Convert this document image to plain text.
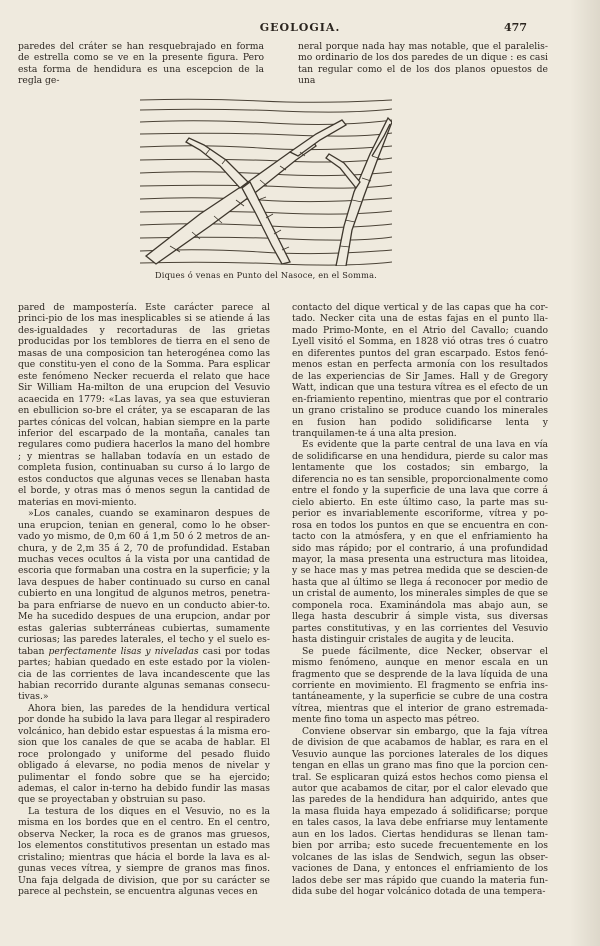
GEOLOGIA.	477

paredes del cráter se han resquebrajado en forma de estrella como se ve en la presente figura. Pero esta forma de hendidura es una escepcion de la regla ge-

neral porque nada hay mas notable, que el paralelis-mo ordinario de los dos paredes de un dique : es casi tan regular como el de los dos planos opuestos de una

Diques ó venas en Punto del Nasoce, en el Somma.

pared de mampostería. Este carácter parece al princi-pio de los mas inesplicables si se atiende á las des-igualdades y recortaduras de las grietas producidas por los temblores de tierra en el seno de masas de una composicion tan heterogénea como las que constitu-yen el cono de la Somma. Para esplicar este fenómeno Necker recuerda el relato que hace Sir William Ha-milton de una erupcion del Vesuvio acaecida en 1779: «Las lavas, ya sea que estuvieran en ebullicion so-bre el cráter, ya se escaparan de las partes cónicas del volcan, habian siempre en la parte inferior del escarpado de la montaña, canales tan regulares como pudiera hacerlos la mano del hombre ; y mientras se hallaban todavía en un estado de completa fusion, continuaban su curso á lo largo de estos conductos que algunas veces se llenaban hasta el borde, y otras mas ó menos segun la cantidad de materias en movi-miento.

»Los canales, cuando se examinaron despues de una erupcion, tenian en general, como lo he obser-vado yo mismo, de 0,m 60 á 1,m 50 ó 2 metros de an-chura, y de 2,m 35 á 2, 70 de profundidad. Estaban muchas veces ocultos á la vista por una cantidad de escoria que formaban una costra en la superficie; y la lava despues de haber continuado su curso en canal cubierto en una longitud de algunos metros, penetra-ba para enfriarse de nuevo en un conducto abier-to. Me ha sucedido despues de una erupcion, andar por estas galerias subterráneas cubiertas, sumamente curiosas; las paredes laterales, el techo y el suelo es-taban perfectamente lisas y niveladas casi por todas partes; habian quedado en este estado por la violen-cia de las corrientes de lava incandescente que las habian recorrido durante algunas semanas consecu-tivas.»

Ahora bien, las paredes de la hendidura vertical por donde ha subido la lava para llegar al respiradero volcánico, han debido estar espuestas á la misma ero-sion que los canales de que se acaba de hablar. El roce prolongado y uniforme del pesado fluido obligado á elevarse, no podia menos de nivelar y pulimentar el fondo sobre que se ha ejercido; ademas, el calor in-terno ha debido fundir las masas que se proyectaban y obstruian su paso.

La testura de los diques en el Vesuvio, no es la misma en los bordes que en el centro. En el centro, observa Necker, la roca es de granos mas gruesos, los elementos constitutivos presentan un estado mas cristalino; mientras que hácia el borde la lava es al-gunas veces vítrea, y siempre de granos mas finos. Una faja delgada de division, que por su carácter se parece al pechstein, se encuentra algunas veces en

contacto del dique vertical y de las capas que ha cor-tado. Necker cita una de estas fajas en el punto lla-mado Primo-Monte, en el Atrio del Cavallo; cuando Lyell visitó el Somma, en 1828 vió otras tres ó cuatro en diferentes puntos del gran escarpado. Estos fenó-menos estan en perfecta armonía con los resultados de las experiencias de Sir James. Hall y de Gregory Watt, indican que una testura vítrea es el efecto de un en-friamiento repentino, mientras que por el contrario un grano cristalino se produce cuando los minerales en fusion han podido solidificarse lenta y tranquilamen-te á una alta presion.

Es evidente que la parte central de una lava en vía de solidificarse en una hendidura, pierde su calor mas lentamente que los costados; sin embargo, la diferencia no es tan sensible, proporcionalmente como entre el fondo y la superficie de una lava que corre á cielo abierto. En este último caso, la parte mas su-perior es invariablemente escoriforme, vítrea y po-rosa en todos los puntos en que se encuentra en con-tacto con la atmósfera, y en que el enfriamiento ha sido mas rápido; por el contrario, á una profundidad mayor, la masa presenta una estructura mas litoidea, y se hace mas y mas petrea medida que se descien-de hasta que al último se llega á reconocer por medio de un cristal de aumento, los minerales simples de que se componela roca. Examinándola mas abajo aun, se llega hasta descubrir á simple vista, sus diversas partes constitutivas, y en las corrientes del Vesuvio hasta distinguir cristales de augita y de leucita.

Se puede fácilmente, dice Necker, observar el mismo fenómeno, aunque en menor escala en un fragmento que se desprende de la lava líquida de una corriente en movimiento. El fragmento se enfria ins-tantáneamente, y la superficie se cubre de una costra vítrea, mientras que el interior de grano estremada-mente fino toma un aspecto mas pétreo.

Conviene observar sin embargo, que la faja vítrea de division de que acabamos de hablar, es rara en el Vesuvio aunque las porciones laterales de los diques tengan en ellas un grano mas fino que la porcion cen-tral. Se esplicaran quizá estos hechos como piensa el autor que acabamos de citar, por el calor elevado que las paredes de la hendidura han adquirido, antes que la masa fluida haya empezado á solidificarse; porque en tales casos, la lava debe enfriarse muy lentamente aun en los lados. Ciertas hendiduras se llenan tam-bien por arriba; esto sucede frecuentemente en los volcanes de las islas de Sendwich, segun las obser-vaciones de Dana, y entonces el enfriamiento de los lados debe ser mas rápido que cuando la materia fun-dida sube del hogar volcánico dotada de una tempera-
